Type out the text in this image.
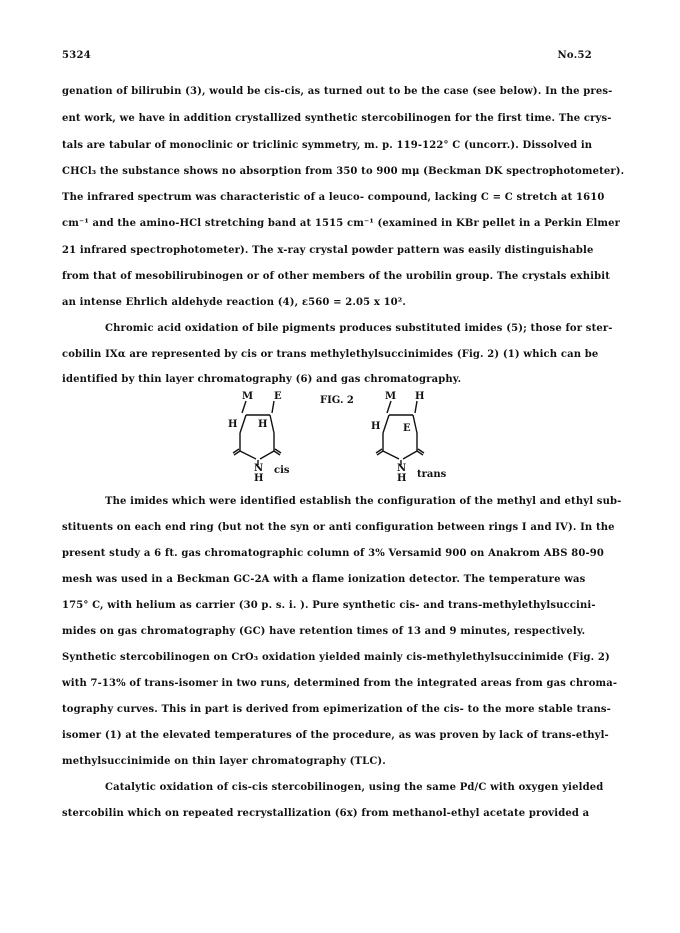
5324	No.52
genation of bilirubin (3), would be cis-cis, as turned out to be the case (see below). In the pres-
ent work, we have in addition crystallized synthetic stercobilinogen for the first time. The crys-
tals are tabular of monoclinic or triclinic symmetry, m. p. 119-122° C (uncorr.). Dissolved in
CHCl₃ the substance shows no absorption from 350 to 900 mμ (Beckman DK spectrophotometer).
The infrared spectrum was characteristic of a leuco- compound, lacking C = C stretch at 1610
cm⁻¹ and the amino-HCl stretching band at 1515 cm⁻¹ (examined in KBr pellet in a Perkin Elmer
21 infrared spectrophotometer). The x-ray crystal powder pattern was easily distinguishable
from that of mesobilirubinogen or of other members of the urobilin group. The crystals exhibit
an intense Ehrlich aldehyde reaction (4), ε560 = 2.05 x 10².
Chromic acid oxidation of bile pigments produces substituted imides (5); those for ster-
cobilin IXα are represented by cis or trans methylethylsuccinimides (Fig. 2) (1) which can be
identified by thin layer chromatography (6) and gas chromatography.
M E
H H
N
H
cis
FIG. 2	M H
H E
N
H trans
The imides which were identified establish the configuration of the methyl and ethyl sub-
stituents on each end ring (but not the syn or anti configuration between rings I and IV). In the
present study a 6 ft. gas chromatographic column of 3% Versamid 900 on Anakrom ABS 80-90
mesh was used in a Beckman GC-2A with a flame ionization detector. The temperature was
175° C, with helium as carrier (30 p. s. i. ). Pure synthetic cis- and trans-methylethylsuccini-
mides on gas chromatography (GC) have retention times of 13 and 9 minutes, respectively.
Synthetic stercobilinogen on CrO₃ oxidation yielded mainly cis-methylethylsuccinimide (Fig. 2)
with 7-13% of trans-isomer in two runs, determined from the integrated areas from gas chroma-
tography curves. This in part is derived from epimerization of the cis- to the more stable trans-
isomer (1) at the elevated temperatures of the procedure, as was proven by lack of trans-ethyl-
methylsuccinimide on thin layer chromatography (TLC).
Catalytic oxidation of cis-cis stercobilinogen, using the same Pd/C with oxygen yielded
stercobilin which on repeated recrystallization (6x) from methanol-ethyl acetate provided a
